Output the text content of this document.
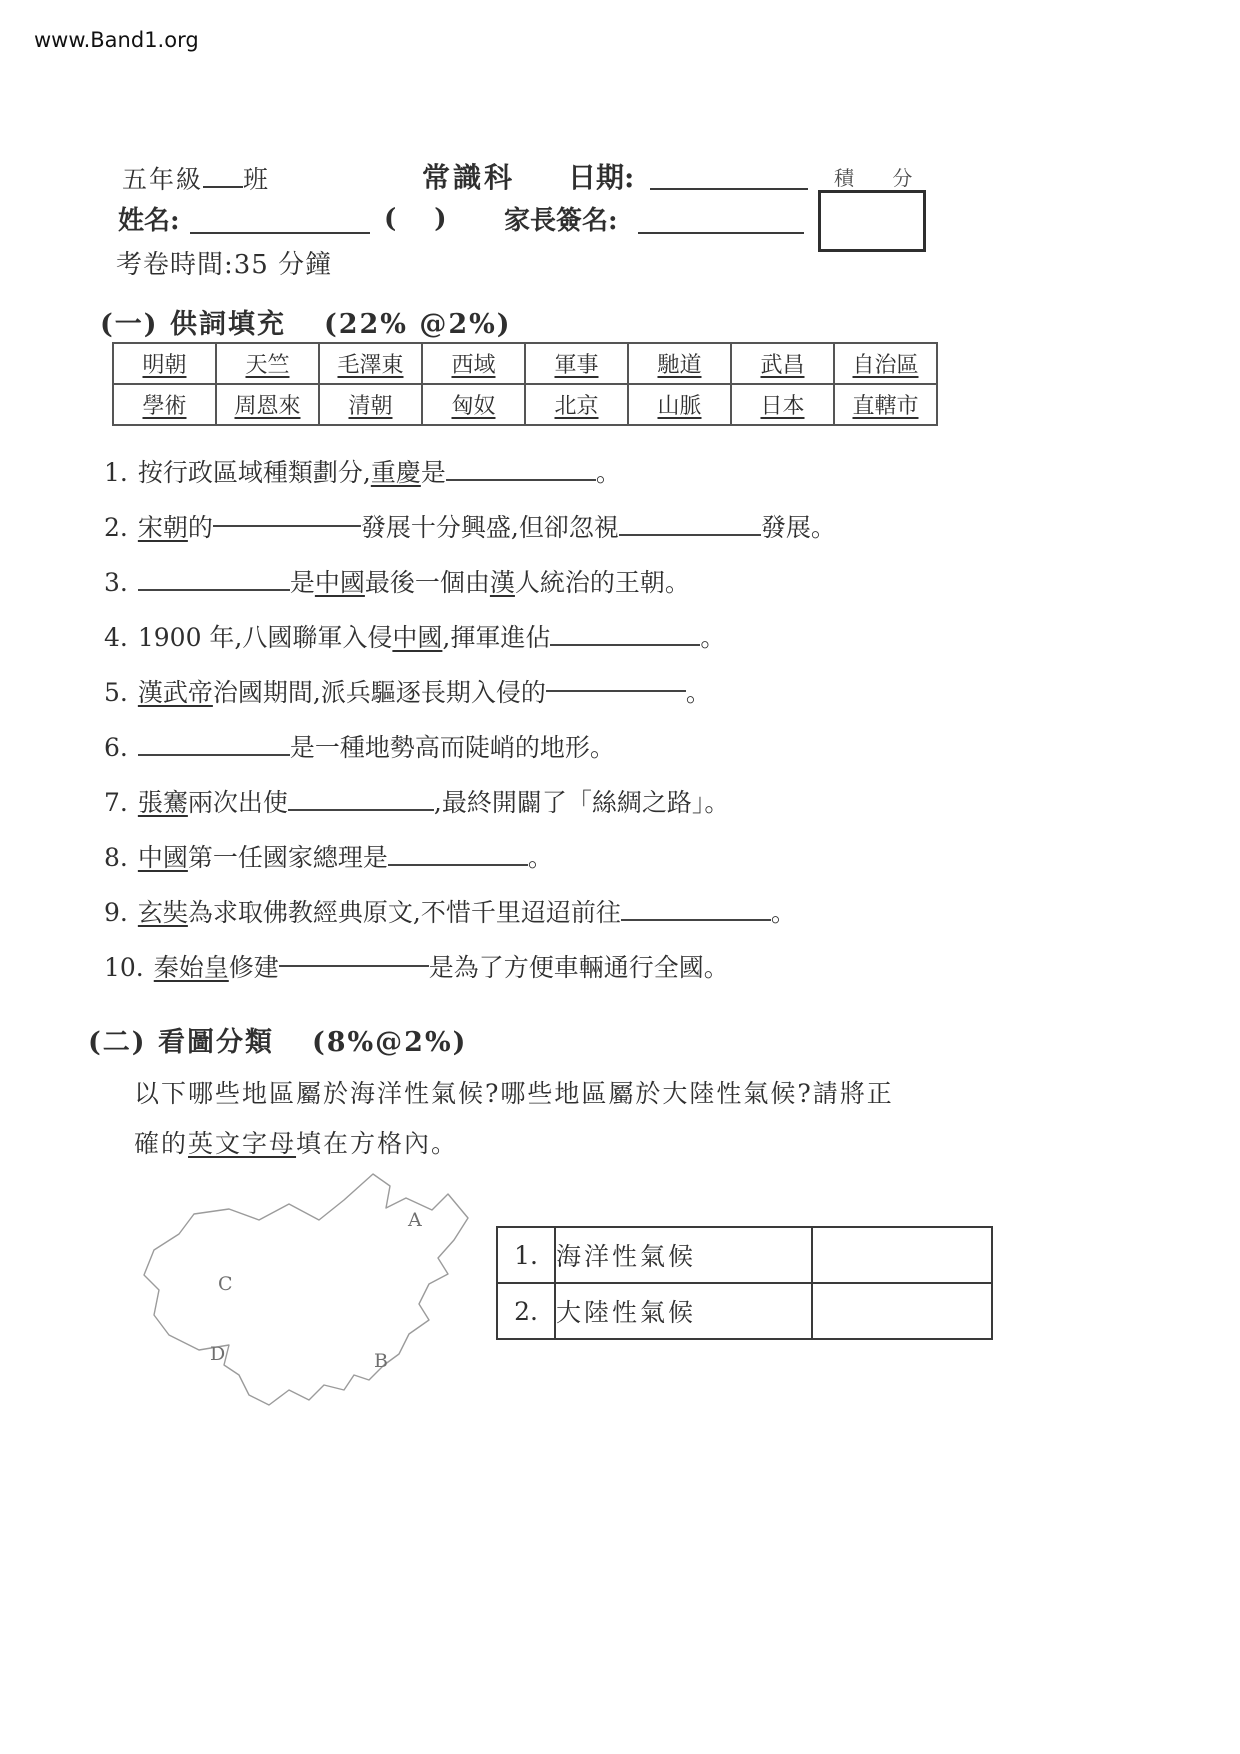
www.Band1.org
五年級 班	常識科 日期:	積 分
姓名:	(　) 家長簽名:
考卷時間:35 分鐘
(一) 供詞填充 (22% @2%)
明朝	天竺	毛澤東	西域	軍事	馳道	武昌	自治區
學術	周恩來	清朝	匈奴	北京	山脈	日本	直轄市
1. 按行政區域種類劃分,重慶是	。
2. 宋朝的	發展十分興盛,但卻忽視	發展。
3.	是中國最後一個由漢人統治的王朝。
4. 1900 年,八國聯軍入侵中國,揮軍進佔	。
5. 漢武帝治國期間,派兵驅逐長期入侵的	。
6.	是一種地勢高而陡峭的地形。
7. 張騫兩次出使	,最終開闢了「絲綢之路」。
8. 中國第一任國家總理是	。
9. 玄奘為求取佛教經典原文,不惜千里迢迢前往	。
10. 秦始皇修建	是為了方便車輛通行全國。
(二) 看圖分類 (8%@2%)
以下哪些地區屬於海洋性氣候?哪些地區屬於大陸性氣候?請將正
確的英文字母填在方格內。
A
B
C
D
1.	海洋性氣候	
2.	大陸性氣候	
